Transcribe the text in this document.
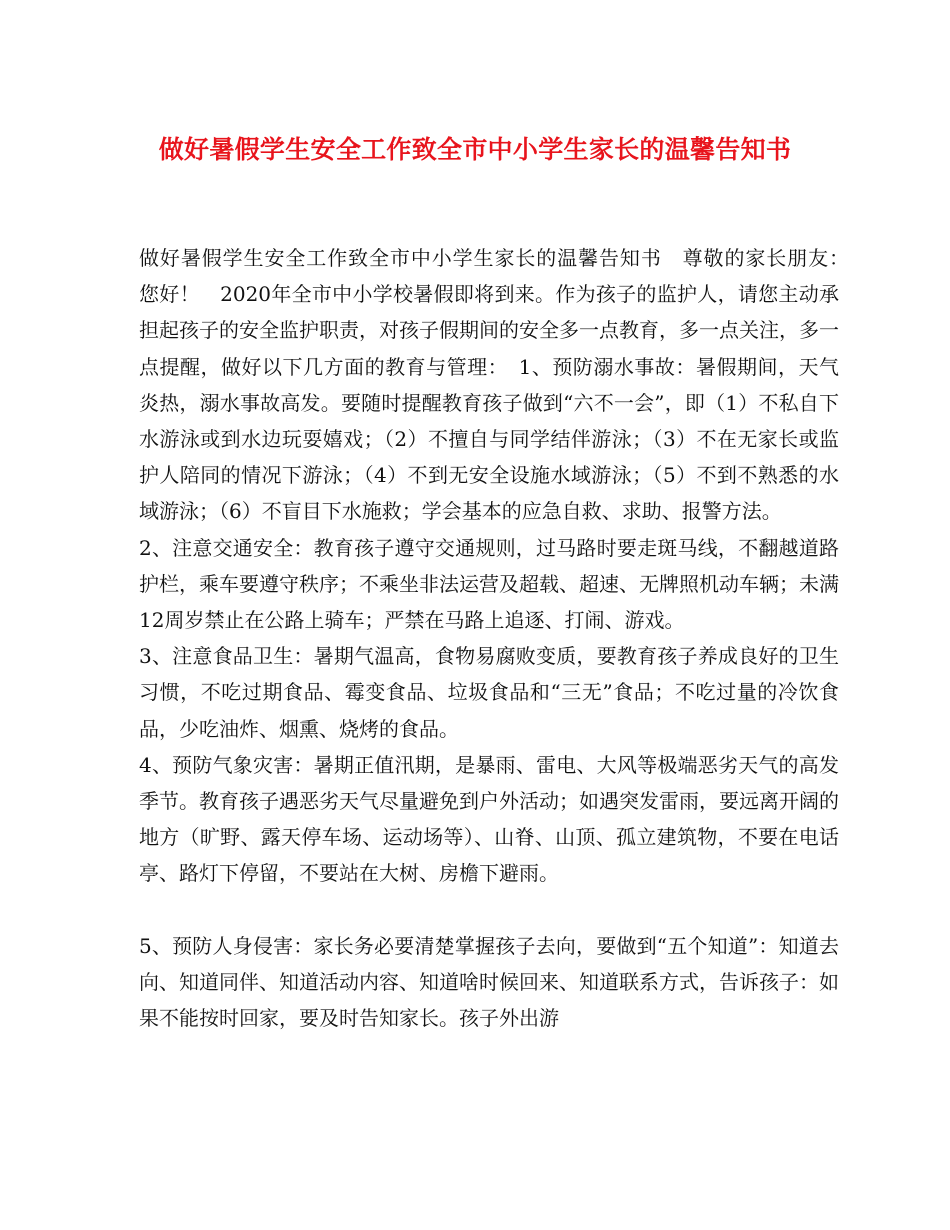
做好暑假学生安全工作致全市中小学生家长的温馨告知书

做好暑假学生安全工作致全市中小学生家长的温馨告知书　尊敬的家长朋友：　您好！　2020年全市中小学校暑假即将到来。作为孩子的监护人，请您主动承担起孩子的安全监护职责，对孩子假期间的安全多一点教育，多一点关注，多一点提醒，做好以下几方面的教育与管理：　1、预防溺水事故：暑假期间，天气炎热，溺水事故高发。要随时提醒教育孩子做到“六不一会”，即（1）不私自下水游泳或到水边玩耍嬉戏；（2）不擅自与同学结伴游泳；（3）不在无家长或监护人陪同的情况下游泳；（4）不到无安全设施水域游泳；（5）不到不熟悉的水域游泳；（6）不盲目下水施救；学会基本的应急自救、求助、报警方法。

2、注意交通安全：教育孩子遵守交通规则，过马路时要走斑马线，不翻越道路护栏，乘车要遵守秩序；不乘坐非法运营及超载、超速、无牌照机动车辆；未满12周岁禁止在公路上骑车；严禁在马路上追逐、打闹、游戏。

3、注意食品卫生：暑期气温高，食物易腐败变质，要教育孩子养成良好的卫生习惯，不吃过期食品、霉变食品、垃圾食品和“三无”食品；不吃过量的冷饮食品，少吃油炸、烟熏、烧烤的食品。

4、预防气象灾害：暑期正值汛期，是暴雨、雷电、大风等极端恶劣天气的高发季节。教育孩子遇恶劣天气尽量避免到户外活动；如遇突发雷雨，要远离开阔的地方（旷野、露天停车场、运动场等）、山脊、山顶、孤立建筑物，不要在电话亭、路灯下停留，不要站在大树、房檐下避雨。

5、预防人身侵害：家长务必要清楚掌握孩子去向，要做到“五个知道”：知道去向、知道同伴、知道活动内容、知道啥时候回来、知道联系方式，告诉孩子：如果不能按时回家，要及时告知家长。孩子外出游
